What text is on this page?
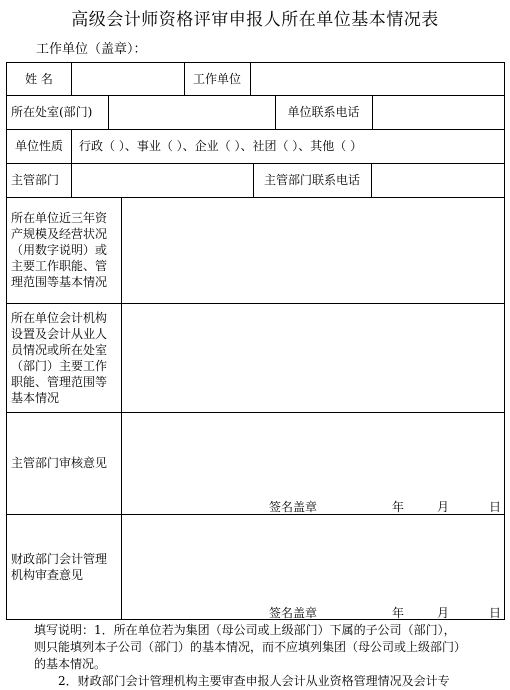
高级会计师资格评审申报人所在单位基本情况表
工作单位（盖章）：
姓 名	工作单位
所在处室(部门)	单位联系电话
单位性质	行政（ ）、事业（ ）、企业（ ）、社团（ ）、其他（ ）
主管部门	主管部门联系电话
所在单位近三年资产规模及经营状况（用数字说明）或主要工作职能、管理范围等基本情况
所在单位会计机构设置及会计从业人员情况或所在处室（部门）主要工作职能、管理范围等基本情况
主管部门审核意见
签名盖章	年	月	日
财政部门会计管理机构审查意见
签名盖章	年	月	日

填写说明：1．所在单位若为集团（母公司或上级部门）下属的子公司（部门），

则只能填列本子公司（部门）的基本情况，而不应填列集团（母公司或上级部门）

的基本情况。

2．财政部门会计管理机构主要审查申报人会计从业资格管理情况及会计专
